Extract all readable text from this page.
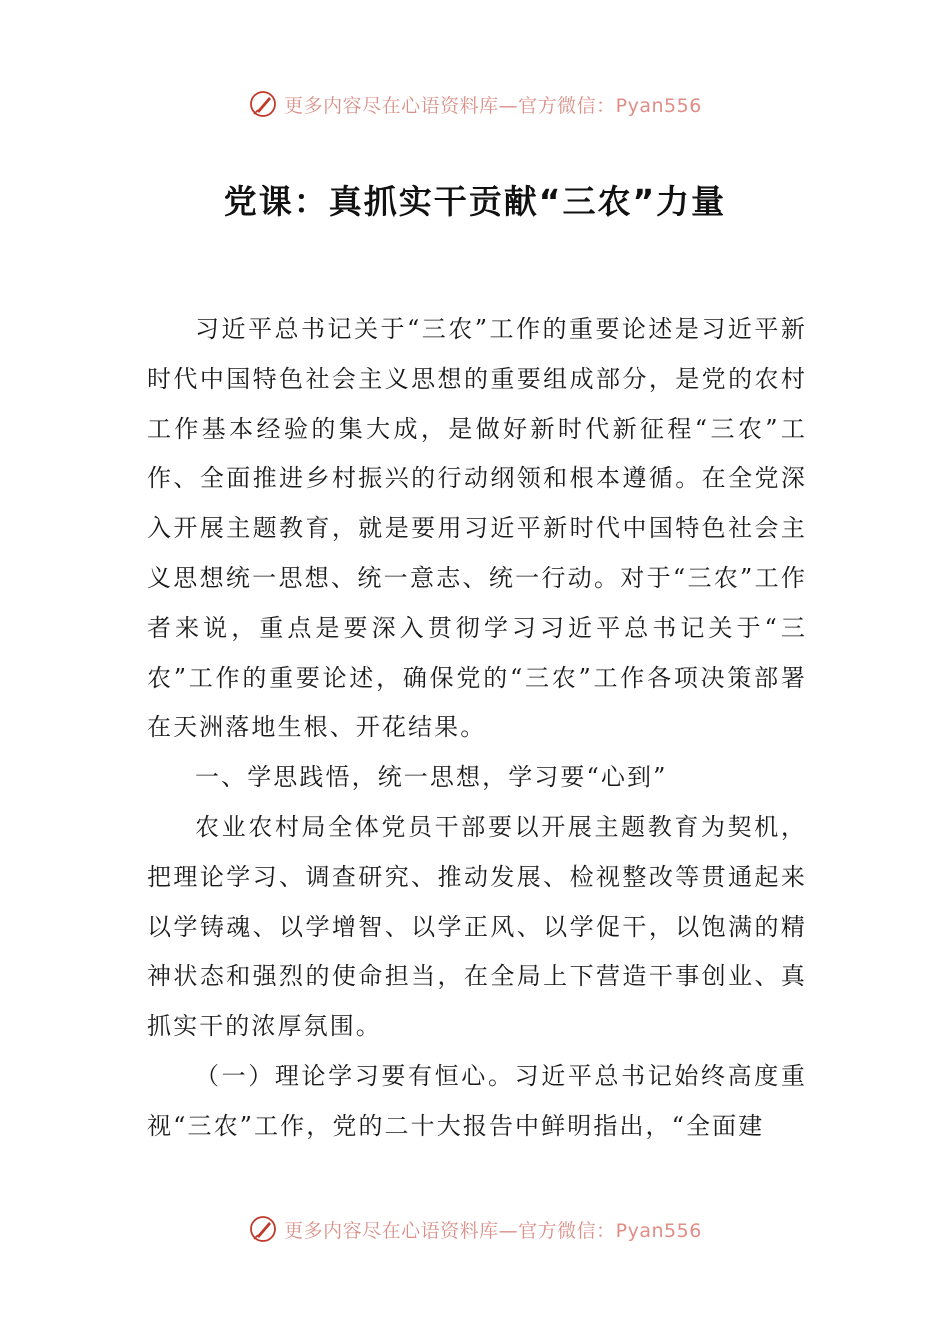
更多内容尽在心语资料库—官方微信：Pyan556
党课：真抓实干贡献“三农”力量

习近平总书记关于“三农”工作的重要论述是习近平新时代中国特色社会主义思想的重要组成部分，是党的农村工作基本经验的集大成，是做好新时代新征程“三农”工作、全面推进乡村振兴的行动纲领和根本遵循。在全党深入开展主题教育，就是要用习近平新时代中国特色社会主义思想统一思想、统一意志、统一行动。对于“三农”工作者来说，重点是要深入贯彻学习习近平总书记关于“三农”工作的重要论述，确保党的“三农”工作各项决策部署在天洲落地生根、开花结果。

一、学思践悟，统一思想，学习要“心到”

农业农村局全体党员干部要以开展主题教育为契机，把理论学习、调查研究、推动发展、检视整改等贯通起来以学铸魂、以学增智、以学正风、以学促干，以饱满的精神状态和强烈的使命担当，在全局上下营造干事创业、真抓实干的浓厚氛围。

（一）理论学习要有恒心。习近平总书记始终高度重视“三农”工作，党的二十大报告中鲜明指出，“全面建

更多内容尽在心语资料库—官方微信：Pyan556
